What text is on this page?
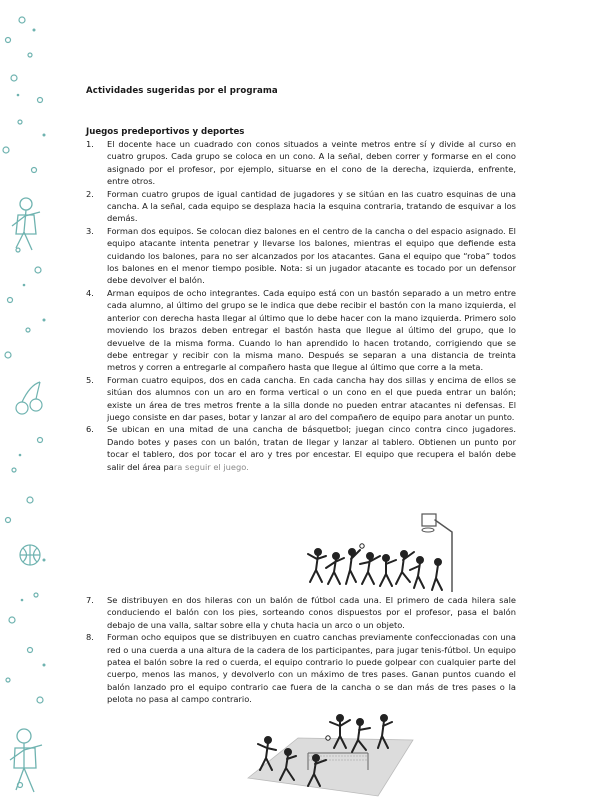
Actividades sugeridas por el programa
Juegos predeportivos y deportes
1. El docente hace un cuadrado con conos situados a veinte metros entre sí y divide al curso en cuatro grupos. Cada grupo se coloca en un cono. A la señal, deben correr y formarse en el cono asignado por el profesor, por ejemplo, situarse en el cono de la derecha, izquierda, enfrente, entre otros.
2. Forman cuatro grupos de igual cantidad de jugadores y se sitúan en las cuatro esquinas de una cancha. A la señal, cada equipo se desplaza hacia la esquina contraria, tratando de esquivar a los demás.
3. Forman dos equipos. Se colocan diez balones en el centro de la cancha o del espacio asignado. El equipo atacante intenta penetrar y llevarse los balones, mientras el equipo que defiende esta cuidando los balones, para no ser alcanzados por los atacantes. Gana el equipo que “roba” todos los balones en el menor tiempo posible. Nota: si un jugador atacante es tocado por un defensor debe devolver el balón.
4. Arman equipos de ocho integrantes. Cada equipo está con un bastón separado a un metro entre cada alumno, al último del grupo se le indica que debe recibir el bastón con la mano izquierda, el anterior con derecha hasta llegar al último que lo debe hacer con la mano izquierda. Primero solo moviendo los brazos deben entregar el bastón hasta que llegue al último del grupo, que lo devuelve de la misma forma. Cuando lo han aprendido lo hacen trotando, corrigiendo que se debe entregar y recibir con la misma mano. Después se separan a una distancia de treinta metros y corren a entregarle al compañero hasta que llegue al último que corre a la meta.
5. Forman cuatro equipos, dos en cada cancha. En cada cancha hay dos sillas y encima de ellos se sitúan dos alumnos con un aro en forma vertical o un cono en el que pueda entrar un balón; existe un área de tres metros frente a la silla donde no pueden entrar atacantes ni defensas. El juego consiste en dar pases, botar y lanzar al aro del compañero de equipo para anotar un punto.
6. Se ubican en una mitad de una cancha de básquetbol; juegan cinco contra cinco jugadores. Dando botes y pases con un balón, tratan de llegar y lanzar al tablero. Obtienen un punto por tocar el tablero, dos por tocar el aro y tres por encestar. El equipo que recupera el balón debe salir del área para seguir el juego.
7. Se distribuyen en dos hileras con un balón de fútbol cada una. El primero de cada hilera sale conduciendo el balón con los pies, sorteando conos dispuestos por el profesor, pasa el balón debajo de una valla, saltar sobre ella y chuta hacia un arco o un objeto.
8. Forman ocho equipos que se distribuyen en cuatro canchas previamente confeccionadas con una red o una cuerda a una altura de la cadera de los participantes, para jugar tenis-fútbol. Un equipo patea el balón sobre la red o cuerda, el equipo contrario lo puede golpear con cualquier parte del cuerpo, menos las manos, y devolverlo con un máximo de tres pases. Ganan puntos cuando el balón lanzado pro el equipo contrario cae fuera de la cancha o se dan más de tres pases o la pelota no pasa al campo contrario.
